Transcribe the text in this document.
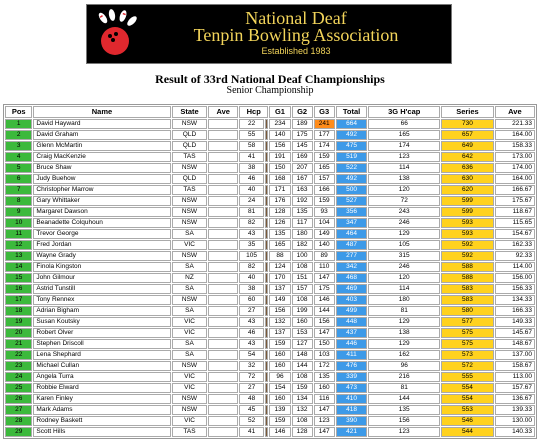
National Deaf
Tenpin Bowling Association
Established 1983
Result of 33rd National Deaf Championships
Senior Championship
Pos	Name	State	Ave	Hcp		G1	G2	G3	Total	3G H'cap	Series	Ave
1	David Hayward	NSW		22		234	189	241	664	66	730	221.33
2	David Graham	QLD		55		140	175	177	492	165	657	164.00
3	Glenn McMartin	QLD		58		156	145	174	475	174	649	158.33
4	Craig MacKenzie	TAS		41		191	169	159	519	123	642	173.00
5	Bruce Shaw	NSW		38		150	207	165	522	114	636	174.00
6	Judy Buehow	QLD		46		168	167	157	492	138	630	164.00
7	Christopher Marrow	TAS		40		171	163	166	500	120	620	166.67
8	Gary Whittaker	NSW		24		176	192	159	527	72	599	175.67
9	Margaret Dawson	NSW		81		128	135	93	356	243	599	118.67
10	Beanadette Colquhoun	NSW		82		126	117	104	347	246	593	115.65
11	Trevor George	SA		43		135	180	149	464	129	593	154.67
12	Fred Jordan	VIC		35		165	182	140	487	105	592	162.33
13	Wayne Grady	NSW		105		88	100	89	277	315	592	92.33
14	Finola Kingston	SA		82		124	108	110	342	246	588	114.00
15	John Gilmour	NZ		40		170	151	147	468	120	588	156.00
16	Astrid Tunstill	SA		38		137	157	175	469	114	583	156.33
17	Tony Rennex	NSW		60		149	108	146	403	180	583	134.33
18	Adrian Bigham	SA		27		156	199	144	499	81	580	166.33
19	Susan Koutsky	VIC		43		132	160	156	448	129	577	149.33
20	Robert Olver	VIC		46		137	153	147	437	138	575	145.67
21	Stephen Driscoll	SA		43		159	127	150	446	129	575	148.67
22	Lena Shephard	SA		54		160	148	103	411	162	573	137.00
23	Michael Cullan	NSW		32		160	144	172	476	96	572	158.67
24	Angela Turra	VIC		72		96	108	135	339	216	555	113.00
25	Robbie Elward	VIC		27		154	159	160	473	81	554	157.67
26	Karen Finley	NSW		48		160	134	116	410	144	554	136.67
27	Mark Adams	NSW		45		139	132	147	418	135	553	139.33
28	Rodney Baskett	VIC		52		159	108	123	390	156	546	130.00
29	Scott Hills	TAS		41		146	128	147	421	123	544	140.33
